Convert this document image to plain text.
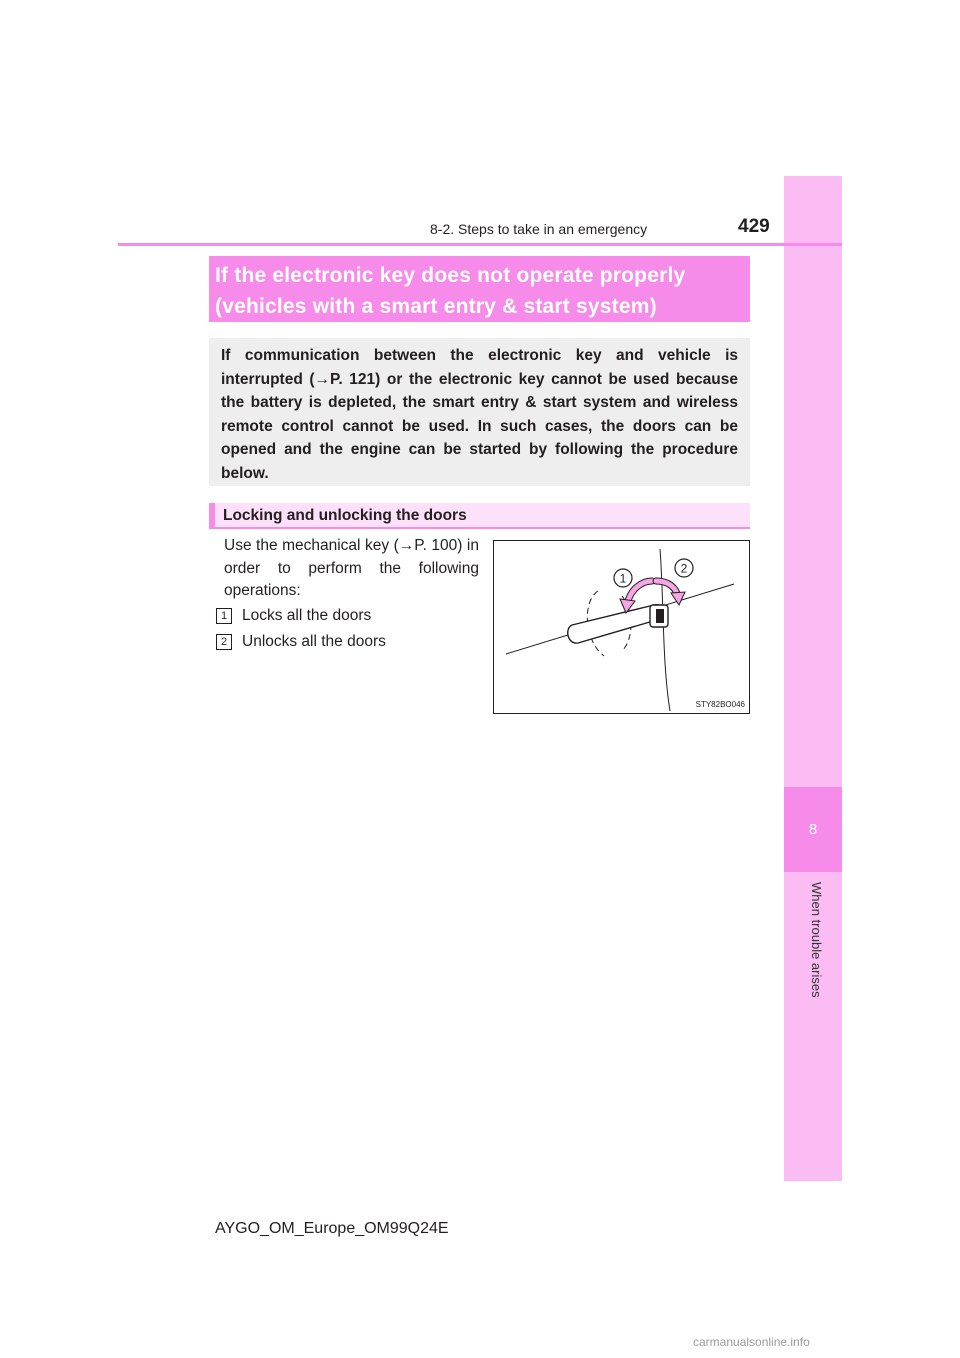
8
When trouble arises
8-2. Steps to take in an emergency	429
If the electronic key does not operate properly
(vehicles with a smart entry & start system)
If communication between the electronic key and vehicle is interrupted (→P. 121) or the electronic key cannot be used because the battery is depleted, the smart entry & start system and wireless remote control cannot be used. In such cases, the doors can be opened and the engine can be started by following the procedure below.
Locking and unlocking the doors
Use the mechanical key (→P. 100) in order to perform the following operations:
1 Locks all the doors
2 Unlocks all the doors
1
2
STY82BO046
AYGO_OM_Europe_OM99Q24E
carmanualsonline.info
